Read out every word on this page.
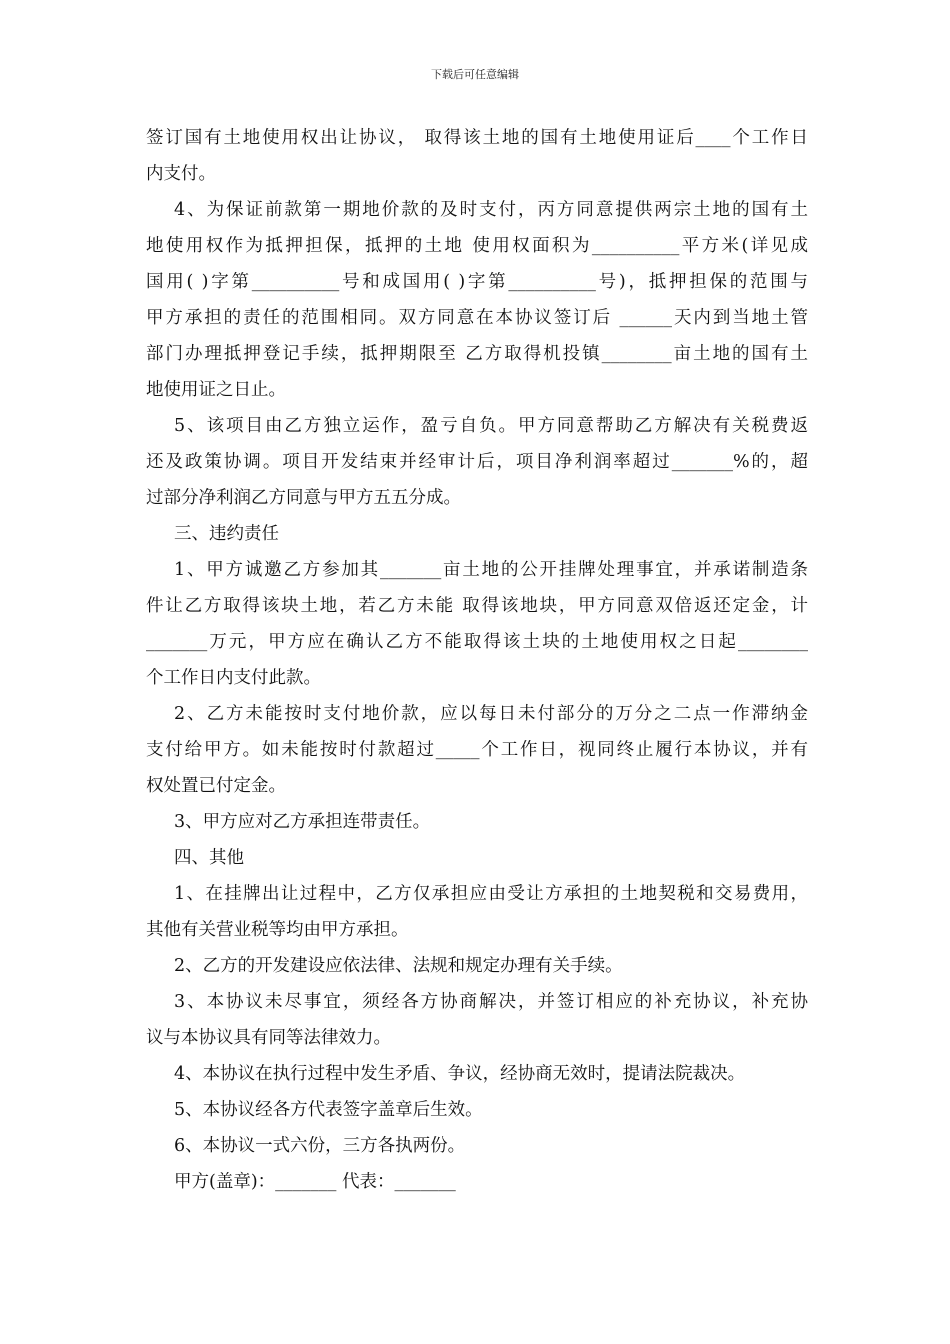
下载后可任意编辑
签订国有土地使用权出让协议， 取得该土地的国有土地使用证后____个工作日
内支付。
4、为保证前款第一期地价款的及时支付，丙方同意提供两宗土地的国有土
地使用权作为抵押担保，抵押的土地 使用权面积为__________平方米(详见成
国用( )字第__________号和成国用( )字第__________号)，抵押担保的范围与
甲方承担的责任的范围相同。双方同意在本协议签订后 ______天内到当地土管
部门办理抵押登记手续，抵押期限至 乙方取得机投镇________亩土地的国有土
地使用证之日止。
5、该项目由乙方独立运作，盈亏自负。甲方同意帮助乙方解决有关税费返
还及政策协调。项目开发结束并经审计后，项目净利润率超过_______%的，超
过部分净利润乙方同意与甲方五五分成。
三、违约责任
1、甲方诚邀乙方参加其_______亩土地的公开挂牌处理事宜，并承诺制造条
件让乙方取得该块土地，若乙方未能 取得该地块，甲方同意双倍返还定金，计
_______万元，甲方应在确认乙方不能取得该土块的土地使用权之日起________
个工作日内支付此款。
2、乙方未能按时支付地价款，应以每日未付部分的万分之二点一作滞纳金
支付给甲方。如未能按时付款超过_____个工作日，视同终止履行本协议，并有
权处置已付定金。
3、甲方应对乙方承担连带责任。
四、其他
1、在挂牌出让过程中，乙方仅承担应由受让方承担的土地契税和交易费用，
其他有关营业税等均由甲方承担。
2、乙方的开发建设应依法律、法规和规定办理有关手续。
3、本协议未尽事宜，须经各方协商解决，并签订相应的补充协议，补充协
议与本协议具有同等法律效力。
4、本协议在执行过程中发生矛盾、争议，经协商无效时，提请法院裁决。
5、本协议经各方代表签字盖章后生效。
6、本协议一式六份，三方各执两份。
甲方(盖章)：_______ 代表：_______
